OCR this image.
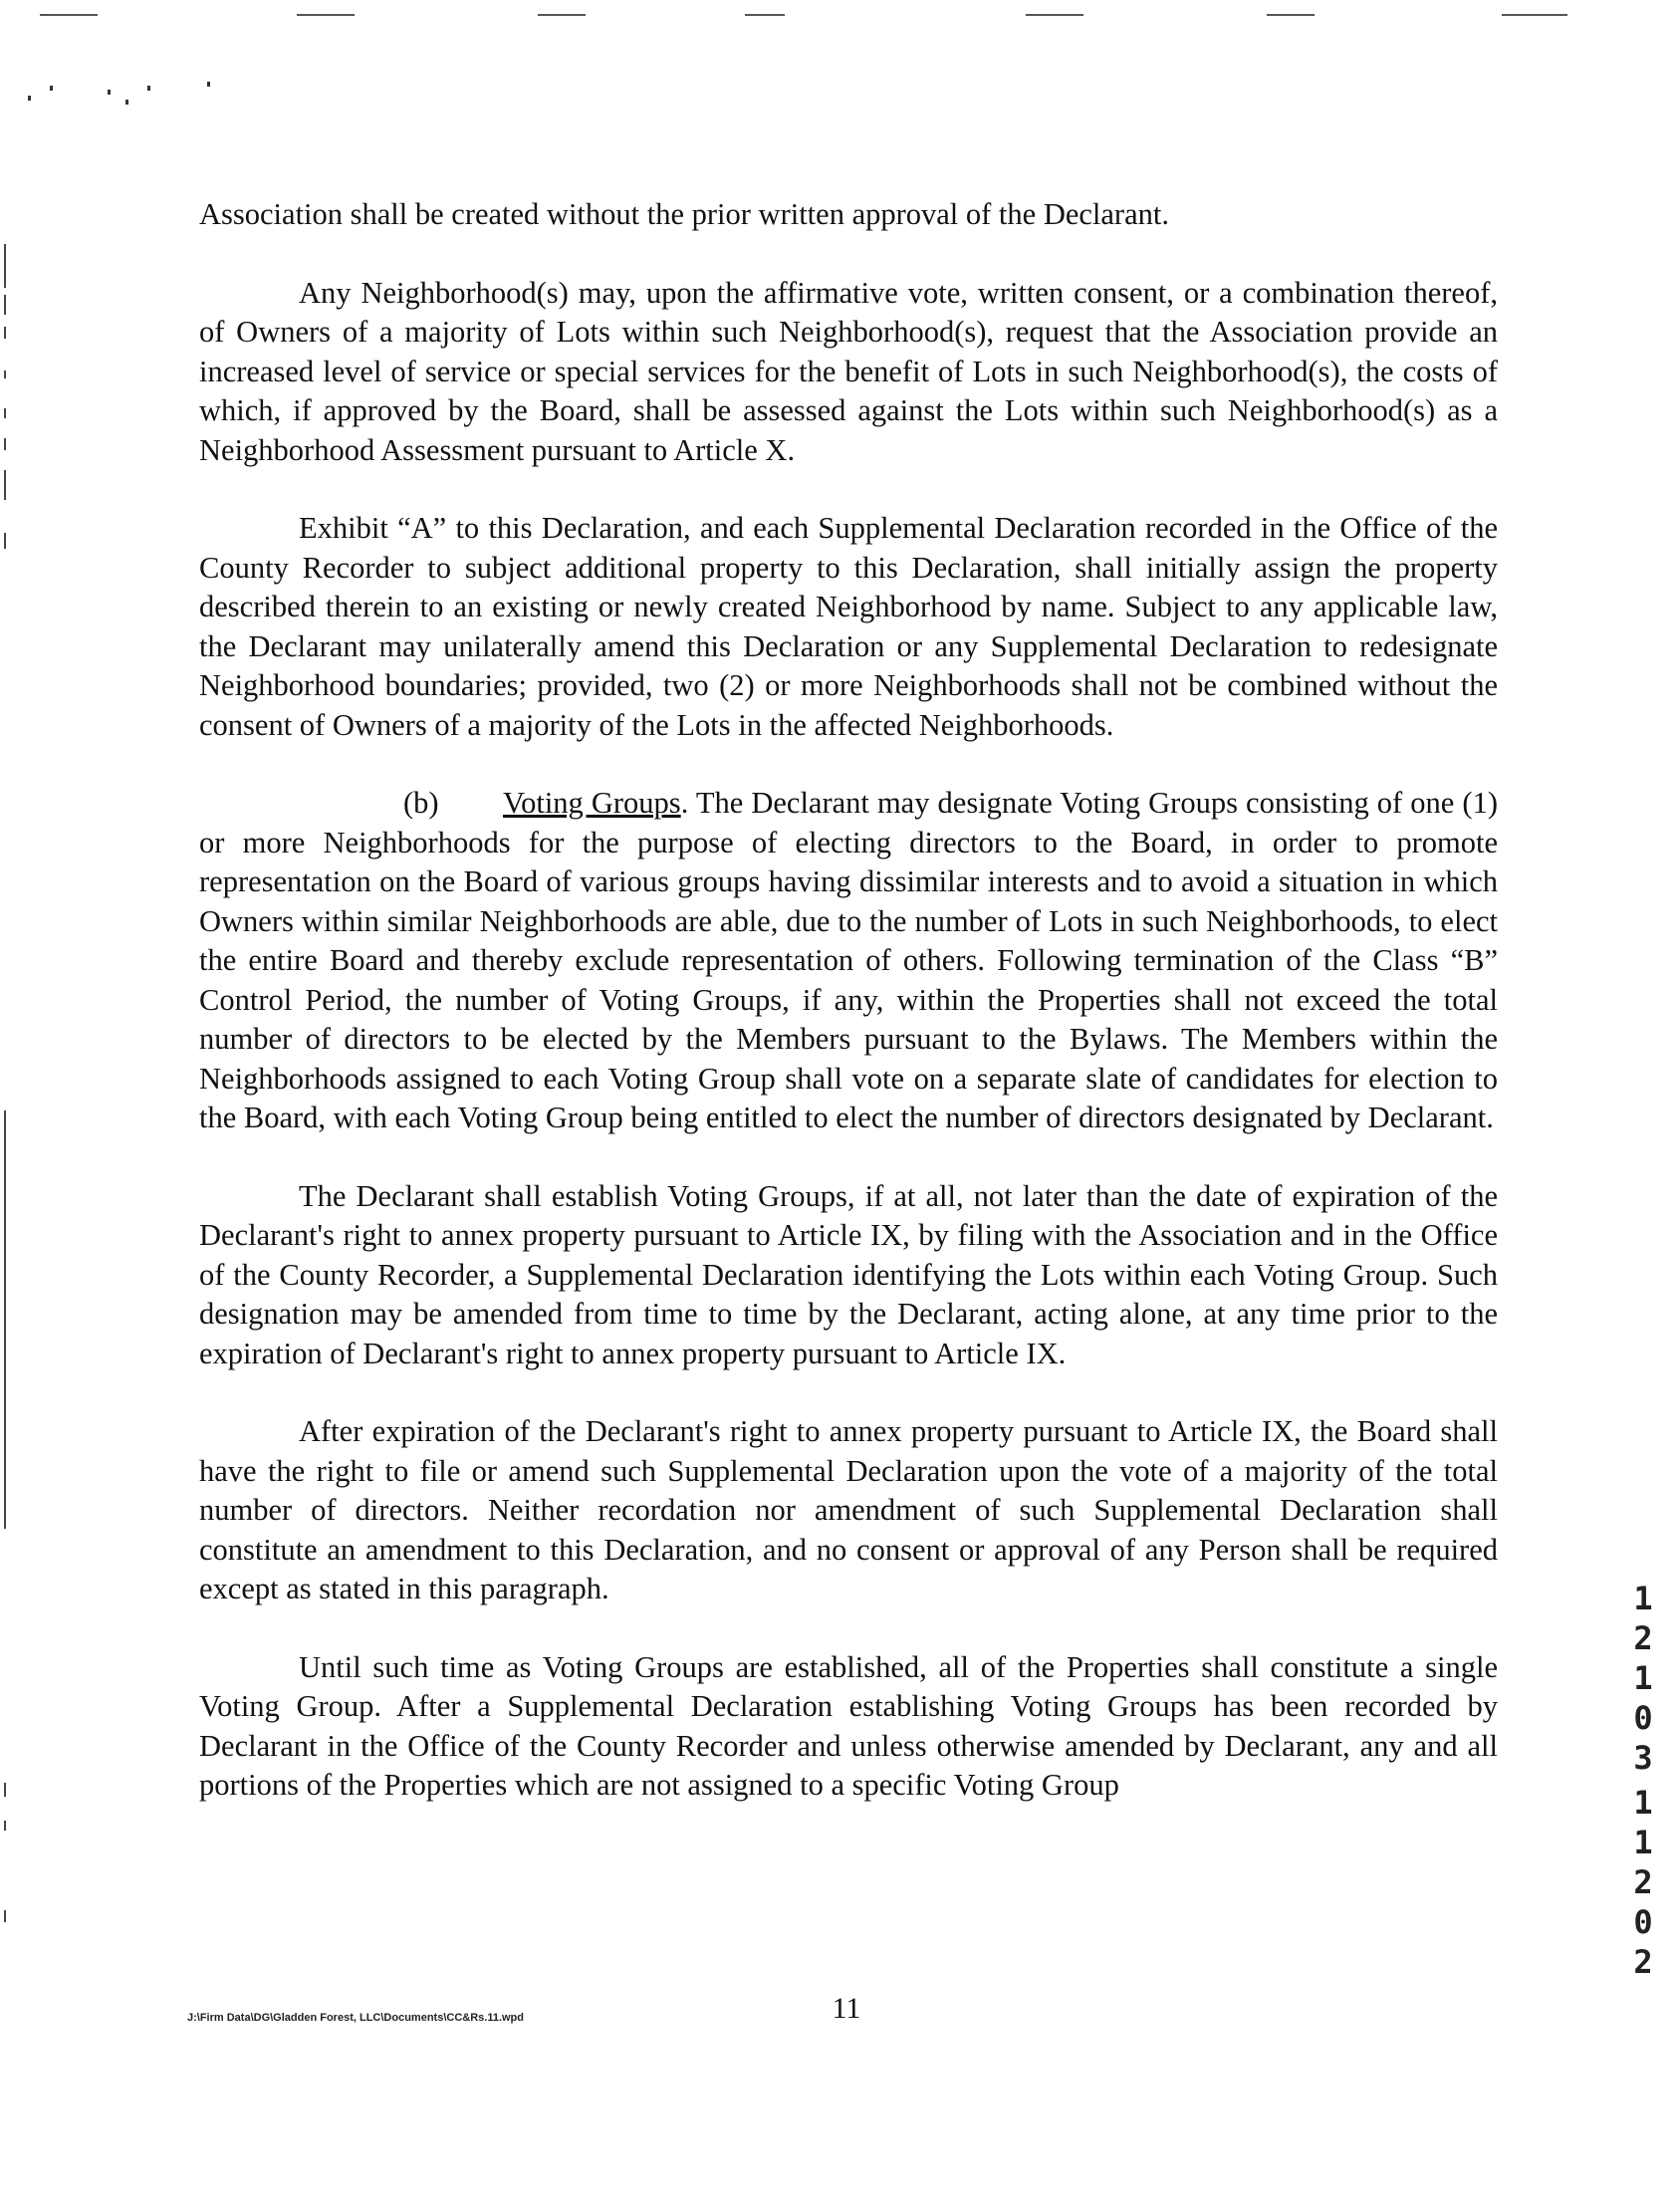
Association shall be created without the prior written approval of the Declarant.

Any Neighborhood(s) may, upon the affirmative vote, written consent, or a combination thereof, of Owners of a majority of Lots within such Neighborhood(s), request that the Association provide an increased level of service or special services for the benefit of Lots in such Neighborhood(s), the costs of which, if approved by the Board, shall be assessed against the Lots within such Neighborhood(s) as a Neighborhood Assessment pursuant to Article X.

Exhibit “A” to this Declaration, and each Supplemental Declaration recorded in the Office of the County Recorder to subject additional property to this Declaration, shall initially assign the property described therein to an existing or newly created Neighborhood by name. Subject to any applicable law, the Declarant may unilaterally amend this Declaration or any Supplemental Declaration to redesignate Neighborhood boundaries; provided, two (2) or more Neighborhoods shall not be combined without the consent of Owners of a majority of the Lots in the affected Neighborhoods.

(b) Voting Groups. The Declarant may designate Voting Groups consisting of one (1) or more Neighborhoods for the purpose of electing directors to the Board, in order to promote representation on the Board of various groups having dissimilar interests and to avoid a situation in which Owners within similar Neighborhoods are able, due to the number of Lots in such Neighborhoods, to elect the entire Board and thereby exclude representation of others. Following termination of the Class “B” Control Period, the number of Voting Groups, if any, within the Properties shall not exceed the total number of directors to be elected by the Members pursuant to the Bylaws. The Members within the Neighborhoods assigned to each Voting Group shall vote on a separate slate of candidates for election to the Board, with each Voting Group being entitled to elect the number of directors designated by Declarant.

The Declarant shall establish Voting Groups, if at all, not later than the date of expiration of the Declarant's right to annex property pursuant to Article IX, by filing with the Association and in the Office of the County Recorder, a Supplemental Declaration identifying the Lots within each Voting Group. Such designation may be amended from time to time by the Declarant, acting alone, at any time prior to the expiration of Declarant's right to annex property pursuant to Article IX.

After expiration of the Declarant's right to annex property pursuant to Article IX, the Board shall have the right to file or amend such Supplemental Declaration upon the vote of a majority of the total number of directors. Neither recordation nor amendment of such Supplemental Declaration shall constitute an amendment to this Declaration, and no consent or approval of any Person shall be required except as stated in this paragraph.

Until such time as Voting Groups are established, all of the Properties shall constitute a single Voting Group. After a Supplemental Declaration establishing Voting Groups has been recorded by Declarant in the Office of the County Recorder and unless otherwise amended by Declarant, any and all portions of the Properties which are not assigned to a specific Voting Group

11
J:\Firm Data\DG\Gladden Forest, LLC\Documents\CC&Rs.11.wpd
1
2
1
0
3
1
1
2
0
2
